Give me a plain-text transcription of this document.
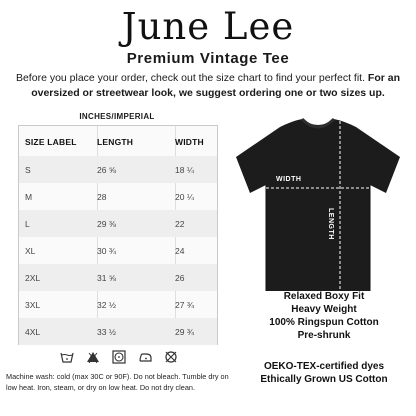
June Lee
Premium Vintage Tee
Before you place your order, check out the size chart to find your perfect fit. For an oversized or streetwear look, we suggest ordering one or two sizes up.
INCHES/IMPERIAL
SIZE LABEL	LENGTH	WIDTH
S	26 ⅝	18 ¼
M	28	20 ¼
L	29 ⅜	22
XL	30 ¾	24
2XL	31 ⅝	26
3XL	32 ½	27 ¾
4XL	33 ½	29 ¾
Machine wash: cold (max 30C or 90F). Do not bleach. Tumble dry on low heat. Iron, steam, or dry on low heat. Do not dry clean.
WIDTH
LENGTH
Relaxed Boxy Fit
Heavy Weight
100% Ringspun Cotton
Pre-shrunk
OEKO-TEX-certified dyes
Ethically Grown US Cotton
